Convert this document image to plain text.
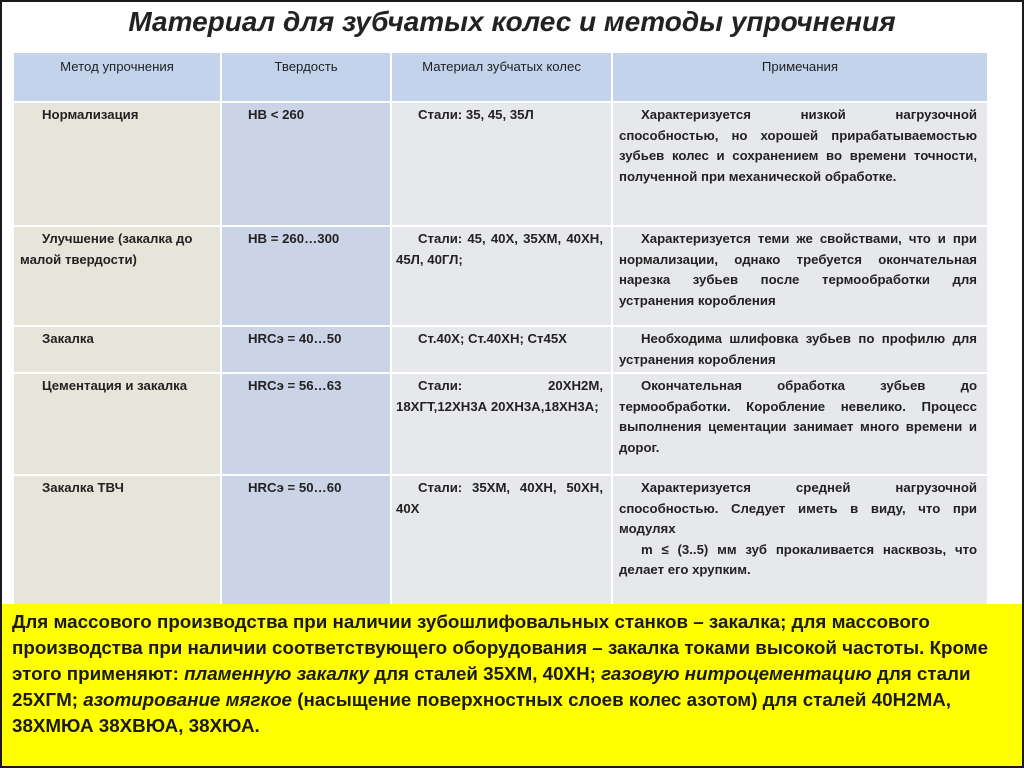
Материал для зубчатых колес и методы упрочнения
Метод упрочнения	Твердость	Материал зубчатых колес	Примечания
Нормализация	НВ < 260	Стали: 35, 45, 35Л	Характеризуется низкой нагрузочной способностью, но хорошей прирабатываемостью зубьев колес и сохранением во времени точности, полученной при механической обработке.

Улучшение (закалка до малой твердости)	НВ = 260…300	Стали: 45, 40Х, 35ХМ, 40ХН, 45Л, 40ГЛ;	Характеризуется теми же свойствами, что и при нормализации, однако требуется окончательная нарезка зубьев после термообработки для устранения коробления
Закалка	HRCэ = 40…50	Ст.40Х; Ст.40ХН; Ст45Х	Необходима шлифовка зубьев по профилю для устранения коробления
Цементация и закалка	HRCэ = 56…63	Стали: 20ХН2М, 18ХГТ,12ХН3А 20ХН3А,18ХН3А;	Окончательная обработка зубьев до термообработки. Коробление невелико. Процесс выполнения цементации занимает много времени и дорог.
Закалка ТВЧ	HRCэ = 50…60	Стали: 35ХМ, 40ХН, 50ХН, 40Х	Характеризуется средней нагрузочной способностью. Следует иметь в виду, что при модулях
m ≤ (3..5) мм зуб прокаливается насквозь, что делает его хрупким.
Для массового производства при наличии зубошлифовальных станков – закалка; для массового производства при наличии соответствующего оборудования – закалка токами высокой частоты. Кроме этого применяют: пламенную закалку для сталей 35ХМ, 40ХН; газовую нитроцементацию для стали 25ХГМ; азотирование мягкое (насыщение поверхностных слоев колес азотом) для сталей 40Н2МА, 38ХМЮА 38ХВЮА, 38ХЮА.
